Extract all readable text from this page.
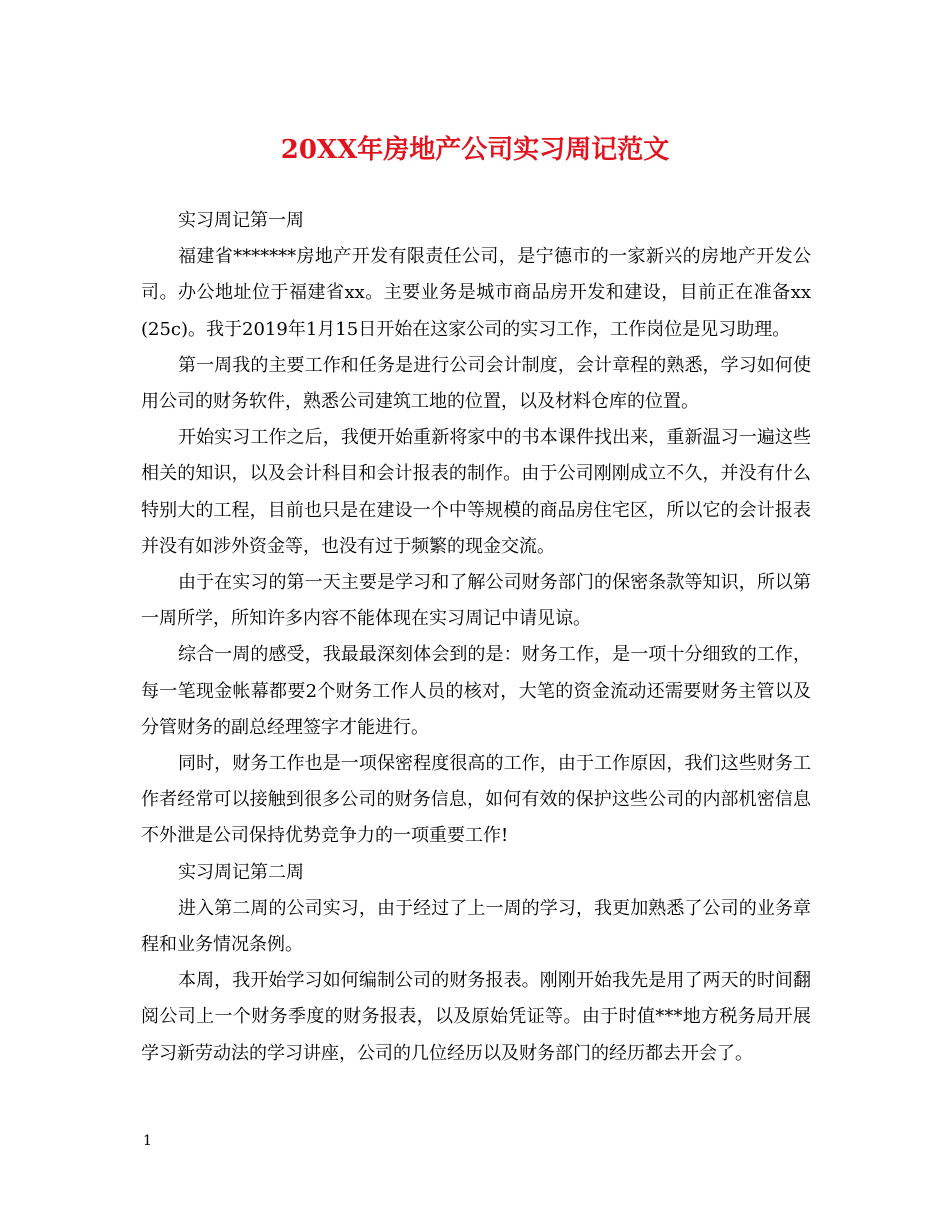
20XX年房地产公司实习周记范文

实习周记第一周

福建省*******房地产开发有限责任公司，是宁德市的一家新兴的房地产开发公司。办公地址位于福建省xx。主要业务是城市商品房开发和建设，目前正在准备xx(25c)。我于2019年1月15日开始在这家公司的实习工作，工作岗位是见习助理。

第一周我的主要工作和任务是进行公司会计制度，会计章程的熟悉，学习如何使用公司的财务软件，熟悉公司建筑工地的位置，以及材料仓库的位置。

开始实习工作之后，我便开始重新将家中的书本课件找出来，重新温习一遍这些相关的知识，以及会计科目和会计报表的制作。由于公司刚刚成立不久，并没有什么特别大的工程，目前也只是在建设一个中等规模的商品房住宅区，所以它的会计报表并没有如涉外资金等，也没有过于频繁的现金交流。

由于在实习的第一天主要是学习和了解公司财务部门的保密条款等知识，所以第一周所学，所知许多内容不能体现在实习周记中请见谅。

综合一周的感受，我最最深刻体会到的是：财务工作，是一项十分细致的工作，每一笔现金帐幕都要2个财务工作人员的核对，大笔的资金流动还需要财务主管以及分管财务的副总经理签字才能进行。

同时，财务工作也是一项保密程度很高的工作，由于工作原因，我们这些财务工作者经常可以接触到很多公司的财务信息，如何有效的保护这些公司的内部机密信息不外泄是公司保持优势竞争力的一项重要工作!

实习周记第二周

进入第二周的公司实习，由于经过了上一周的学习，我更加熟悉了公司的业务章程和业务情况条例。

本周，我开始学习如何编制公司的财务报表。刚刚开始我先是用了两天的时间翻阅公司上一个财务季度的财务报表，以及原始凭证等。由于时值***地方税务局开展学习新劳动法的学习讲座，公司的几位经历以及财务部门的经历都去开会了。

1
